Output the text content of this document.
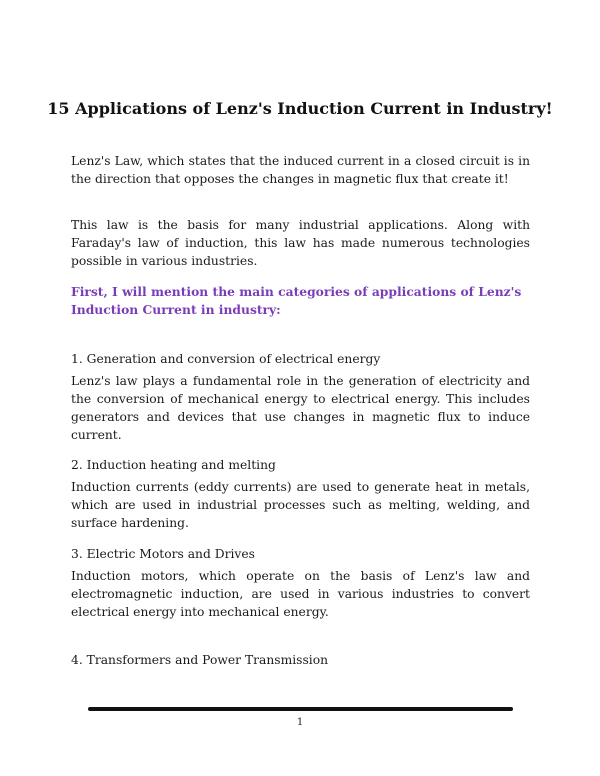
15 Applications of Lenz's Induction Current in Industry!
Lenz's Law, which states that the induced current in a closed circuit is in the direction that opposes the changes in magnetic flux that create it!
This law is the basis for many industrial applications. Along with Faraday's law of induction, this law has made numerous technologies possible in various industries.
First, I will mention the main categories of applications of Lenz's Induction Current in industry:
1. Generation and conversion of electrical energy
Lenz's law plays a fundamental role in the generation of electricity and the conversion of mechanical energy to electrical energy. This includes generators and devices that use changes in magnetic flux to induce current.
2. Induction heating and melting
Induction currents (eddy currents) are used to generate heat in metals, which are used in industrial processes such as melting, welding, and surface hardening.
3. Electric Motors and Drives
Induction motors, which operate on the basis of Lenz's law and electromagnetic induction, are used in various industries to convert electrical energy into mechanical energy.
4. Transformers and Power Transmission
1
